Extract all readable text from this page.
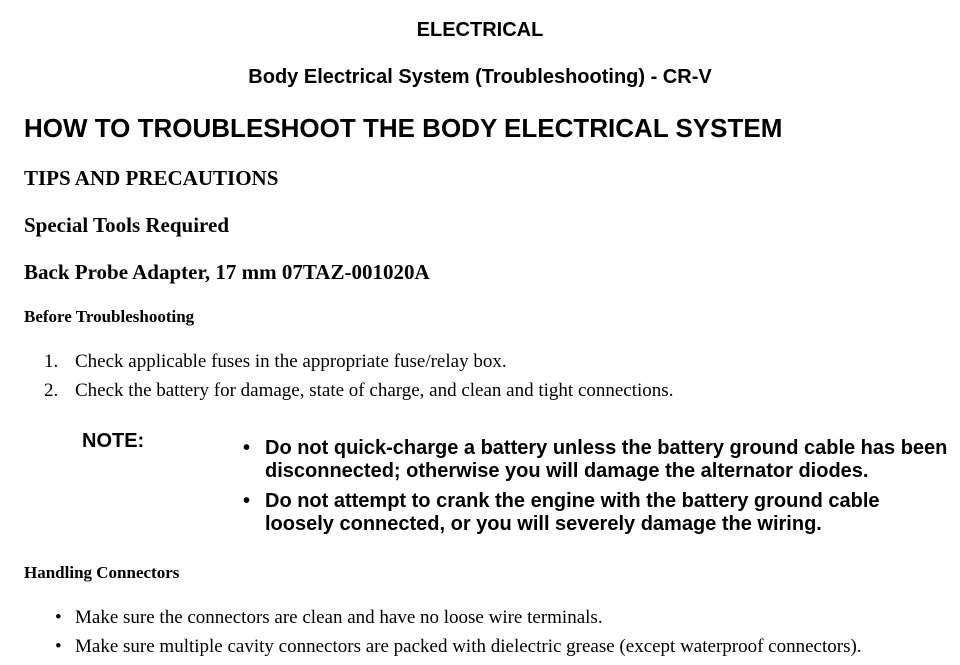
ELECTRICAL
Body Electrical System (Troubleshooting) - CR-V
HOW TO TROUBLESHOOT THE BODY ELECTRICAL SYSTEM
TIPS AND PRECAUTIONS
Special Tools Required
Back Probe Adapter, 17 mm 07TAZ-001020A
Before Troubleshooting
1. Check applicable fuses in the appropriate fuse/relay box.
2. Check the battery for damage, state of charge, and clean and tight connections.
NOTE:	• Do not quick-charge a battery unless the battery ground cable has been disconnected; otherwise you will damage the alternator diodes.
• Do not attempt to crank the engine with the battery ground cable loosely connected, or you will severely damage the wiring.
Handling Connectors
• Make sure the connectors are clean and have no loose wire terminals.
• Make sure multiple cavity connectors are packed with dielectric grease (except waterproof connectors).
